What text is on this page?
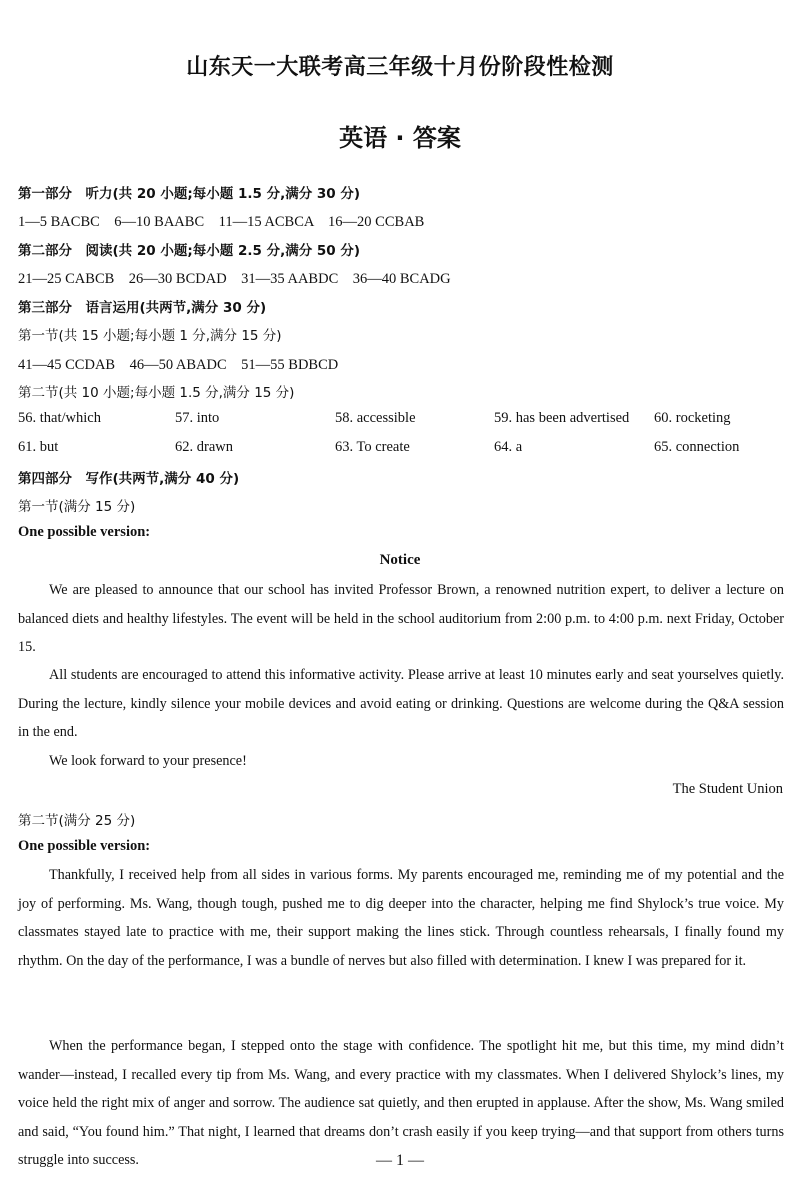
山东天一大联考高三年级十月份阶段性检测
英语 · 答案
第一部分　听力(共 20 小题;每小题 1.5 分,满分 30 分)
1—5 BACBC　6—10 BAABC　11—15 ACBCA　16—20 CCBAB
第二部分　阅读(共 20 小题;每小题 2.5 分,满分 50 分)
21—25 CABCB　26—30 BCDAD　31—35 AABDC　36—40 BCADG
第三部分　语言运用(共两节,满分 30 分)
第一节(共 15 小题;每小题 1 分,满分 15 分)
41—45 CCDAB　46—50 ABADC　51—55 BDBCD
第二节(共 10 小题;每小题 1.5 分,满分 15 分)
56. that/which	57. into	58. accessible	59. has been advertised 60. rocketing
61. but	62. drawn	63. To create	64. a	65. connection
第四部分　写作(共两节,满分 40 分)
第一节(满分 15 分)
One possible version:
Notice
We are pleased to announce that our school has invited Professor Brown, a renowned nutrition expert, to deliver a lecture on balanced diets and healthy lifestyles. The event will be held in the school auditorium from 2:00 p.m. to 4:00 p.m. next Friday, October 15.
All students are encouraged to attend this informative activity. Please arrive at least 10 minutes early and seat yourselves quietly. During the lecture, kindly silence your mobile devices and avoid eating or drinking. Questions are welcome during the Q&A session in the end.
We look forward to your presence!
The Student Union
第二节(满分 25 分)
One possible version:
Thankfully, I received help from all sides in various forms. My parents encouraged me, reminding me of my potential and the joy of performing. Ms. Wang, though tough, pushed me to dig deeper into the character, helping me find Shylock’s true voice. My classmates stayed late to practice with me, their support making the lines stick. Through countless rehearsals, I finally found my rhythm. On the day of the performance, I was a bundle of nerves but also filled with determination. I knew I was prepared for it.
When the performance began, I stepped onto the stage with confidence. The spotlight hit me, but this time, my mind didn’t wander—instead, I recalled every tip from Ms. Wang, and every practice with my classmates. When I delivered Shylock’s lines, my voice held the right mix of anger and sorrow. The audience sat quietly, and then erupted in applause. After the show, Ms. Wang smiled and said, “You found him.” That night, I learned that dreams don’t crash easily if you keep trying—and that support from others turns struggle into success.	— 1 —
